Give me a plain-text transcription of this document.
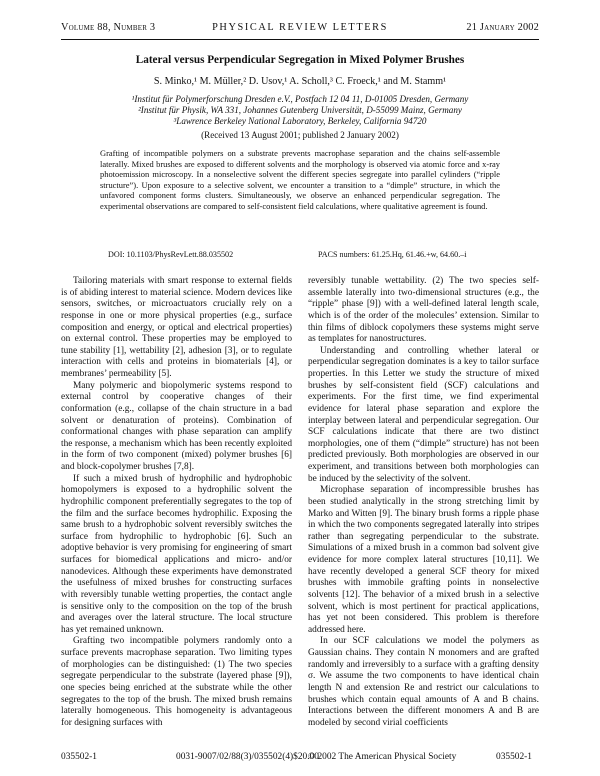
PHYSICAL REVIEW LETTERS
Volume 88, Number 3	21 January 2002
Lateral versus Perpendicular Segregation in Mixed Polymer Brushes
S. Minko,¹ M. Müller,² D. Usov,¹ A. Scholl,³ C. Froeck,¹ and M. Stamm¹
¹Institut für Polymerforschung Dresden e.V., Postfach 12 04 11, D-01005 Dresden, Germany
²Institut für Physik, WA 331, Johannes Gutenberg Universität, D-55099 Mainz, Germany
³Lawrence Berkeley National Laboratory, Berkeley, California 94720
(Received 13 August 2001; published 2 January 2002)
Grafting of incompatible polymers on a substrate prevents macrophase separation and the chains self-assemble laterally. Mixed brushes are exposed to different solvents and the morphology is observed via atomic force and x-ray photoemission microscopy. In a nonselective solvent the different species segregate into parallel cylinders (“ripple structure”). Upon exposure to a selective solvent, we encounter a transition to a “dimple” structure, in which the unfavored component forms clusters. Simultaneously, we observe an enhanced perpendicular segregation. The experimental observations are compared to self-consistent field calculations, where qualitative agreement is found.
DOI: 10.1103/PhysRevLett.88.035502	PACS numbers: 61.25.Hq, 61.46.+w, 64.60.–i

Tailoring materials with smart response to external fields is of abiding interest to material science. Modern devices like sensors, switches, or microactuators crucially rely on a response in one or more physical properties (e.g., surface composition and energy, or optical and electrical properties) on external control. These properties may be employed to tune stability [1], wettability [2], adhesion [3], or to regulate interaction with cells and proteins in biomaterials [4], or membranes’ permeability [5].

Many polymeric and biopolymeric systems respond to external control by cooperative changes of their conformation (e.g., collapse of the chain structure in a bad solvent or denaturation of proteins). Combination of conformational changes with phase separation can amplify the response, a mechanism which has been recently exploited in the form of two component (mixed) polymer brushes [6] and block-copolymer brushes [7,8].

If such a mixed brush of hydrophilic and hydrophobic homopolymers is exposed to a hydrophilic solvent the hydrophilic component preferentially segregates to the top of the film and the surface becomes hydrophilic. Exposing the same brush to a hydrophobic solvent reversibly switches the surface from hydrophilic to hydrophobic [6]. Such an adoptive behavior is very promising for engineering of smart surfaces for biomedical applications and micro- and/or nanodevices. Although these experiments have demonstrated the usefulness of mixed brushes for constructing surfaces with reversibly tunable wetting properties, the contact angle is sensitive only to the composition on the top of the brush and averages over the lateral structure. The local structure has yet remained unknown.

Grafting two incompatible polymers randomly onto a surface prevents macrophase separation. Two limiting types of morphologies can be distinguished: (1) The two species segregate perpendicular to the substrate (layered phase [9]), one species being enriched at the substrate while the other segregates to the top of the brush. The mixed brush remains laterally homogeneous. This homogeneity is advantageous for designing surfaces with

reversibly tunable wettability. (2) The two species self-assemble laterally into two-dimensional structures (e.g., the “ripple” phase [9]) with a well-defined lateral length scale, which is of the order of the molecules’ extension. Similar to thin films of diblock copolymers these systems might serve as templates for nanostructures.

Understanding and controlling whether lateral or perpendicular segregation dominates is a key to tailor surface properties. In this Letter we study the structure of mixed brushes by self-consistent field (SCF) calculations and experiments. For the first time, we find experimental evidence for lateral phase separation and explore the interplay between lateral and perpendicular segregation. Our SCF calculations indicate that there are two distinct morphologies, one of them (“dimple” structure) has not been predicted previously. Both morphologies are observed in our experiment, and transitions between both morphologies can be induced by the selectivity of the solvent.

Microphase separation of incompressible brushes has been studied analytically in the strong stretching limit by Marko and Witten [9]. The binary brush forms a ripple phase in which the two components segregated laterally into stripes rather than segregating perpendicular to the substrate. Simulations of a mixed brush in a common bad solvent give evidence for more complex lateral structures [10,11]. We have recently developed a general SCF theory for mixed brushes with immobile grafting points in nonselective solvents [12]. The behavior of a mixed brush in a selective solvent, which is most pertinent for practical applications, has yet not been considered. This problem is therefore addressed here.

In our SCF calculations we model the polymers as Gaussian chains. They contain N monomers and are grafted randomly and irreversibly to a surface with a grafting density σ. We assume the two components to have identical chain length N and extension Re and restrict our calculations to brushes which contain equal amounts of A and B chains. Interactions between the different monomers A and B are modeled by second virial coefficients

035502-1	0031-9007/02/88(3)/035502(4)$20.00
© 2002 The American Physical Society	035502-1
